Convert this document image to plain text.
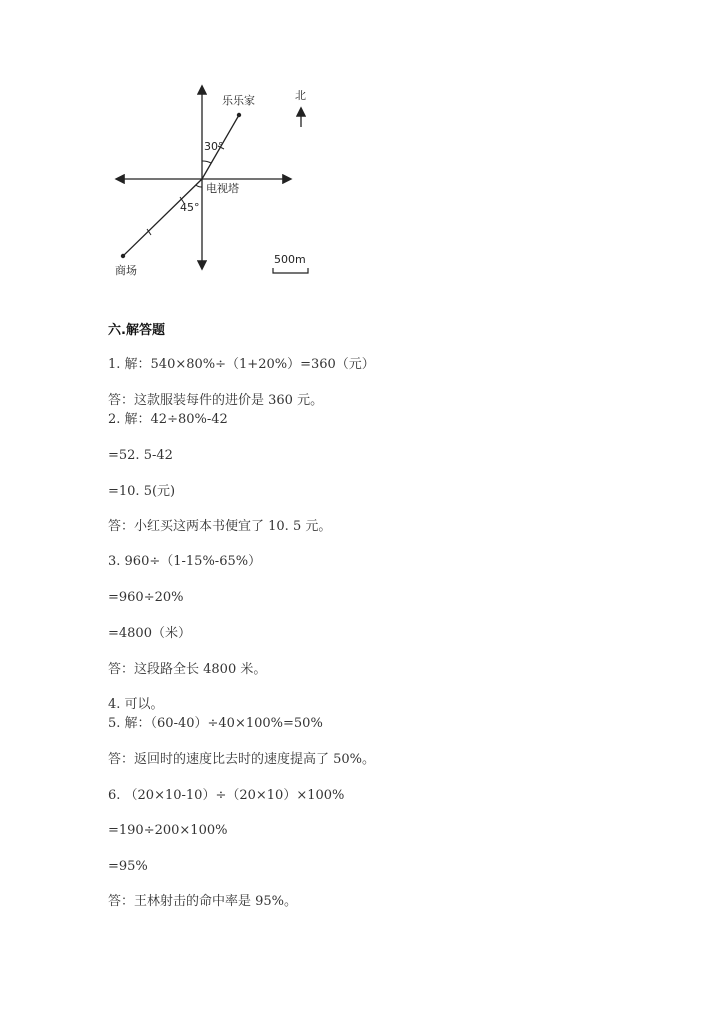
乐乐家
30°
电视塔
45°
商场
北
500m
六.解答题
1. 解：540×80%÷（1+20%）=360（元）
答：这款服装每件的进价是 360 元。
2. 解：42÷80%-42
=52. 5-42
=10. 5(元)
答：小红买这两本书便宜了 10. 5 元。
3. 960÷（1-15%-65%）
=960÷20%
=4800（米）
答：这段路全长 4800 米。
4. 可以。
5. 解：（60-40）÷40×100%=50%
答：返回时的速度比去时的速度提高了 50%。
6. （20×10-10）÷（20×10）×100%
=190÷200×100%
=95%
答：王林射击的命中率是 95%。
